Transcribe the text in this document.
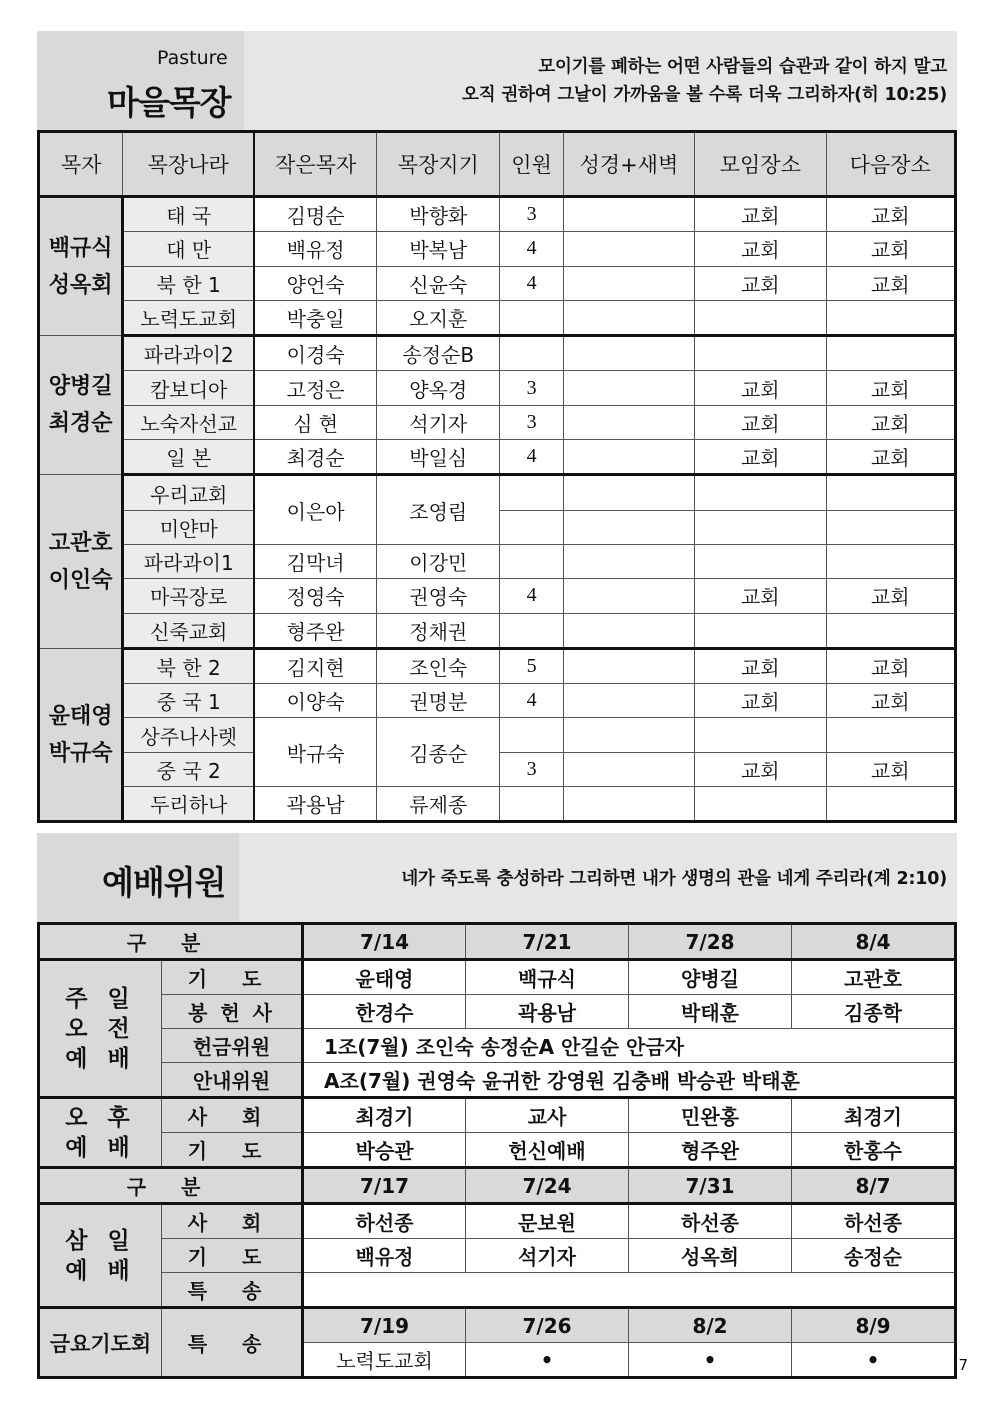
Pasture
마을목장
모이기를 폐하는 어떤 사람들의 습관과 같이 하지 말고
오직 권하여 그날이 가까움을 볼 수록 더욱 그리하자(히 10:25)
목자	목장나라	작은목자	목장지기	인원	성경+새벽	모임장소	다음장소
백규식 성옥회	태 국	김명순	박향화	3		교회	교회
	대 만	백유정	박복남	4		교회	교회
	북 한 1	양언숙	신윤숙	4		교회	교회
	노력도교회	박충일	오지훈				
양병길 최경순	파라과이2	이경숙	송정순B				
	캄보디아	고정은	양옥경	3		교회	교회
	노숙자선교	심 현	석기자	3		교회	교회
	일 본	최경순	박일심	4		교회	교회
고관호 이인숙	우리교회	이은아	조영림				
	미얀마						
	파라과이1	김막녀	이강민				
	마곡장로	정영숙	권영숙	4		교회	교회
	신죽교회	형주완	정채권				
윤태영 박규숙	북 한 2	김지현	조인숙	5		교회	교회
	중 국 1	이양숙	권명분	4		교회	교회
	상주나사렛	박규숙	김종순				
	중 국 2			3		교회	교회
	두리하나	곽용남	류제종				
예배위원	네가 죽도록 충성하라 그리하면 내가 생명의 관을 네게 주리라(계 2:10)
구 분		7/14	7/21	7/28	8/4
주 일 오 전 예 배	기 도	윤태영	백규식	양병길	고관호
	봉 헌 사	한경수	곽용남	박태훈	김종학
	헌금위원	1조(7월) 조인숙 송정순A 안길순 안금자			
	안내위원	A조(7월) 권영숙 윤귀한 강영원 김충배 박승관 박태훈			
오 후 예 배	사 회	최경기	교사	민완홍	최경기
	기 도	박승관	헌신예배	형주완	한홍수
구 분		7/17	7/24	7/31	8/7
삼 일 예 배	사 회	하선종	문보원	하선종	하선종
	기 도	백유정	석기자	성옥희	송정순
	특 송				
금요기도회	특 송	7/19	7/26	8/2	8/9
		노력도교회	•	•	•	7
